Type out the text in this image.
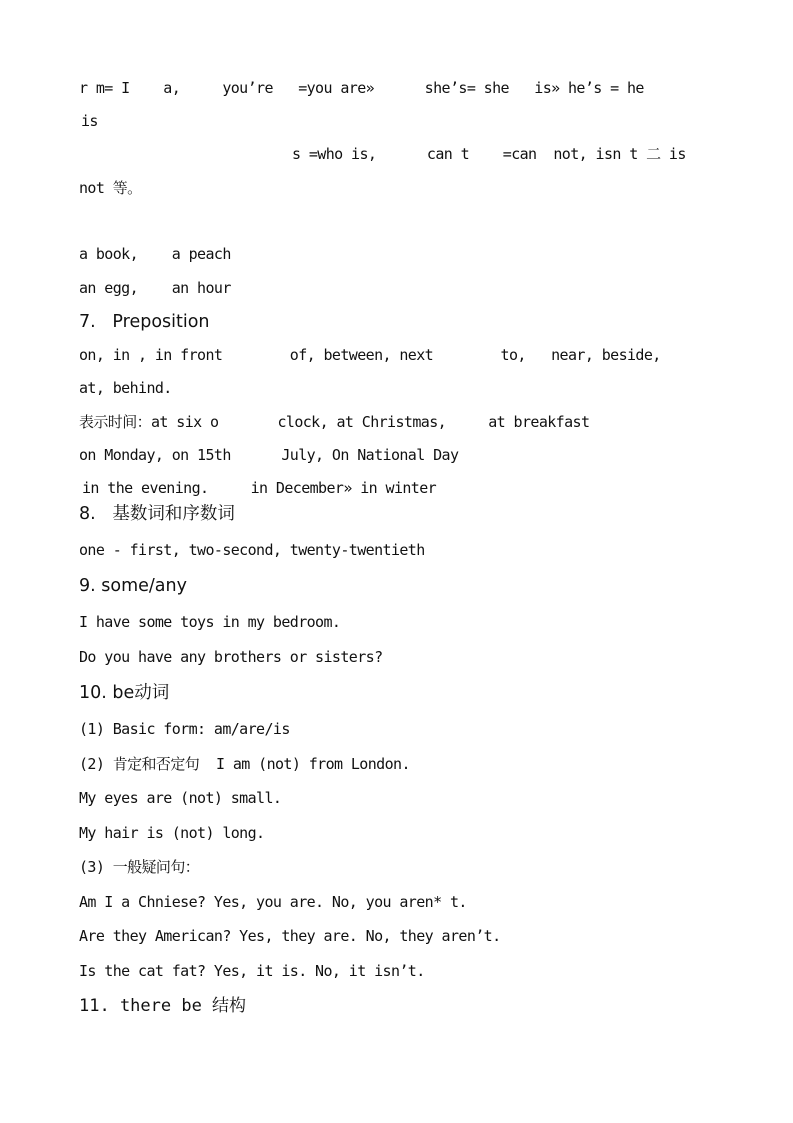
r m= I    a,     you’re   =you are»      she’s= she   is» he’s = he
is
s =who is,      can t    =can  not, isn t 二 is
not 等。
a book,    a peach
an egg,    an hour
7.   Preposition
on, in , in front        of, between, next        to,   near, beside,
at, behind.
表示时间：at six o       clock, at Christmas,     at breakfast
on Monday, on 15th      July, On National Day
in the evening.     in December» in winter
8.   基数词和序数词
one - first, two-second, twenty-twentieth
9. some/any
I have some toys in my bedroom.
Do you have any brothers or sisters?
10. be动词
(1) Basic form: am/are/is
(2) 肯定和否定句  I am (not) from London.
My eyes are (not) small.
My hair is (not) long.
(3) 一般疑问句：
Am I a Chniese? Yes, you are. No, you aren* t.
Are they American? Yes, they are. No, they aren’t.
Is the cat fat? Yes, it is. No, it isn’t.
11. there be 结构
